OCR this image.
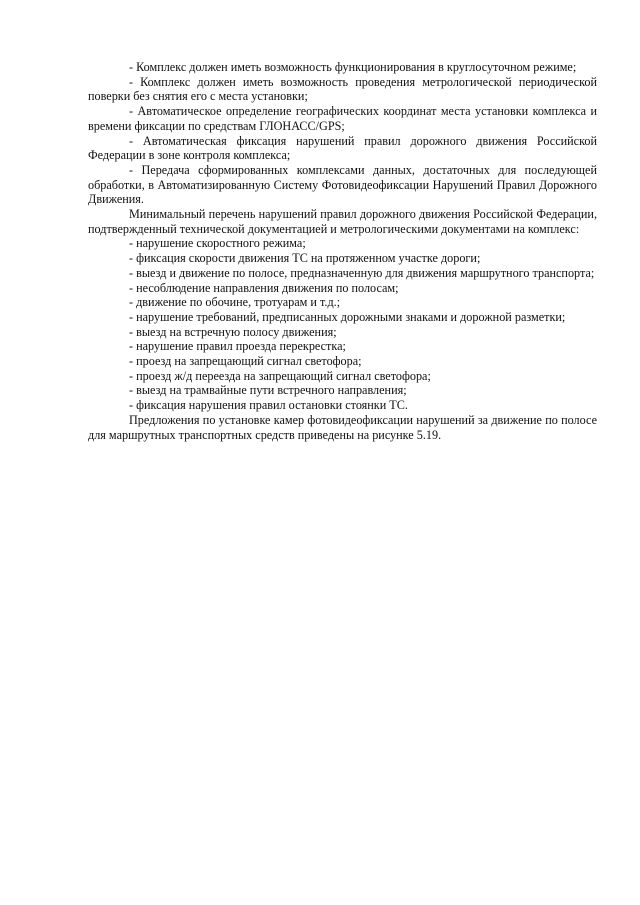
- Комплекс должен иметь возможность функционирования в круглосуточном режиме;

- Комплекс должен иметь возможность проведения метрологической периодической поверки без снятия его с места установки;

- Автоматическое определение географических координат места установки комплекса и времени фиксации по средствам ГЛОНАСС/GPS;

- Автоматическая фиксация нарушений правил дорожного движения Российской Федерации в зоне контроля комплекса;

- Передача сформированных комплексами данных, достаточных для последующей обработки, в Автоматизированную Систему Фотовидеофиксации Нарушений Правил Дорожного Движения.

Минимальный перечень нарушений правил дорожного движения Российской Федерации, подтвержденный технической документацией и метрологическими документами на комплекс:

- нарушение скоростного режима;

- фиксация скорости движения ТС на протяженном участке дороги;

- выезд и движение по полосе, предназначенную для движения маршрутного транспорта;

- несоблюдение направления движения по полосам;

- движение по обочине, тротуарам и т.д.;

- нарушение требований, предписанных дорожными знаками и дорожной разметки;

- выезд на встречную полосу движения;

- нарушение правил проезда перекрестка;

- проезд на запрещающий сигнал светофора;

- проезд ж/д переезда на запрещающий сигнал светофора;

- выезд на трамвайные пути встречного направления;

- фиксация нарушения правил остановки стоянки ТС.

Предложения по установке камер фотовидеофиксации нарушений за движение по полосе для маршрутных транспортных средств приведены на рисунке 5.19.
